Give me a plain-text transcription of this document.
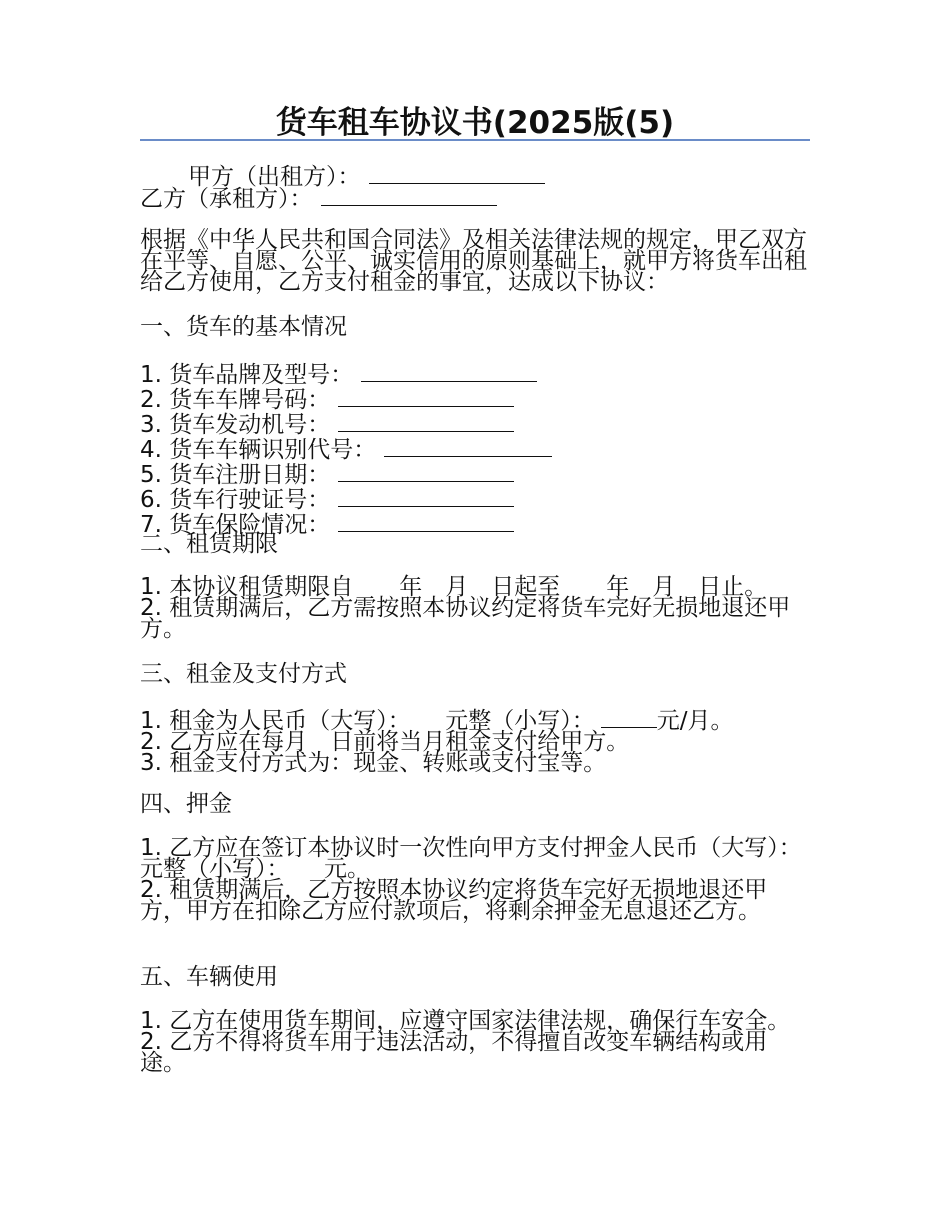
货车租车协议书(2025版(5)
甲方（出租方）：
乙方（承租方）：
根据《中华人民共和国合同法》及相关法律法规的规定，甲乙双方在平等、自愿、公平、诚实信用的原则基础上，就甲方将货车出租给乙方使用，乙方支付租金的事宜，达成以下协议：
一、货车的基本情况
1. 货车品牌及型号：
2. 货车车牌号码：
3. 货车发动机号：
4. 货车车辆识别代号：
5. 货车注册日期：
6. 货车行驶证号：
7. 货车保险情况：
二、租赁期限
1. 本协议租赁期限自　　年　月　日起至　　年　月　日止。
2. 租赁期满后，乙方需按照本协议约定将货车完好无损地退还甲方。
三、租金及支付方式
1. 租金为人民币（大写）：　　元整（小写）：	元/月。
2. 乙方应在每月　日前将当月租金支付给甲方。
3. 租金支付方式为：现金、转账或支付宝等。
四、押金
1. 乙方应在签订本协议时一次性向甲方支付押金人民币（大写）：　　元整（小写）：　　元。
2. 租赁期满后，乙方按照本协议约定将货车完好无损地退还甲方，甲方在扣除乙方应付款项后，将剩余押金无息退还乙方。
五、车辆使用
1. 乙方在使用货车期间，应遵守国家法律法规，确保行车安全。
2. 乙方不得将货车用于违法活动，不得擅自改变车辆结构或用途。
